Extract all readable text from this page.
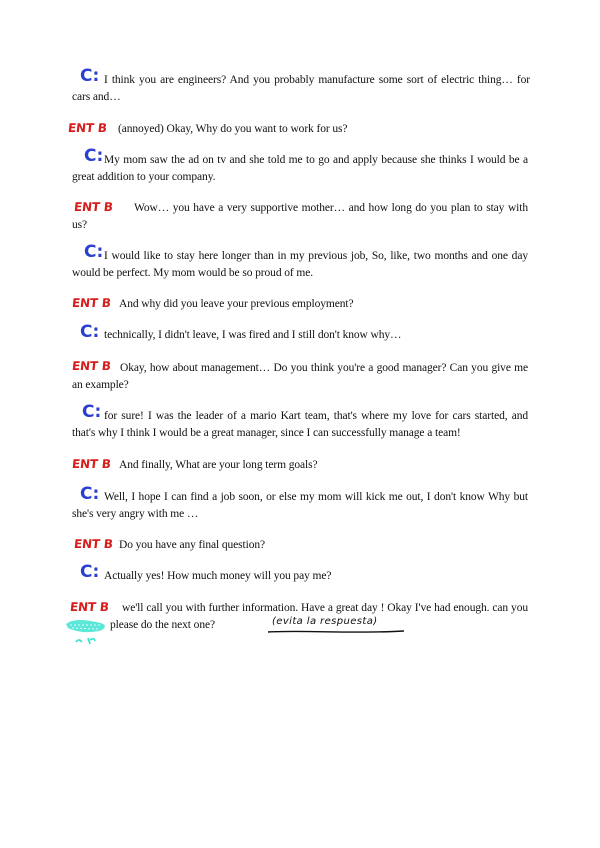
C: I think you are engineers? And you probably manufacture some sort of electric thing… for cars and…
ENT B (annoyed) Okay, Why do you want to work for us?
C: My mom saw the ad on tv and she told me to go and apply because she thinks I would be a great addition to your company.
ENT B	Wow… you have a very supportive mother… and how long do you plan to stay with us?
C: I would like to stay here longer than in my previous job, So, like, two months and one day would be perfect. My mom would be so proud of me.
ENT B And why did you leave your previous employment?
C: technically, I didn't leave, I was fired and I still don't know why…
ENT B Okay, how about management… Do you think you're a good manager? Can you give me an example?
C: for sure! I was the leader of a mario Kart team, that's where my love for cars started, and that's why I think I would be a great manager, since I can successfully manage a team!
ENT B And finally, What are your long term goals?
C: Well, I hope I can find a job soon, or else my mom will kick me out, I don't know Why but she's very angry with me …
ENT B Do you have any final question?
C: Actually yes! How much money will you pay me?
ENT B	we'll call you with further information. Have a great day ! Okay I've had enough. can you please do the next one?	(evita la respuesta)
